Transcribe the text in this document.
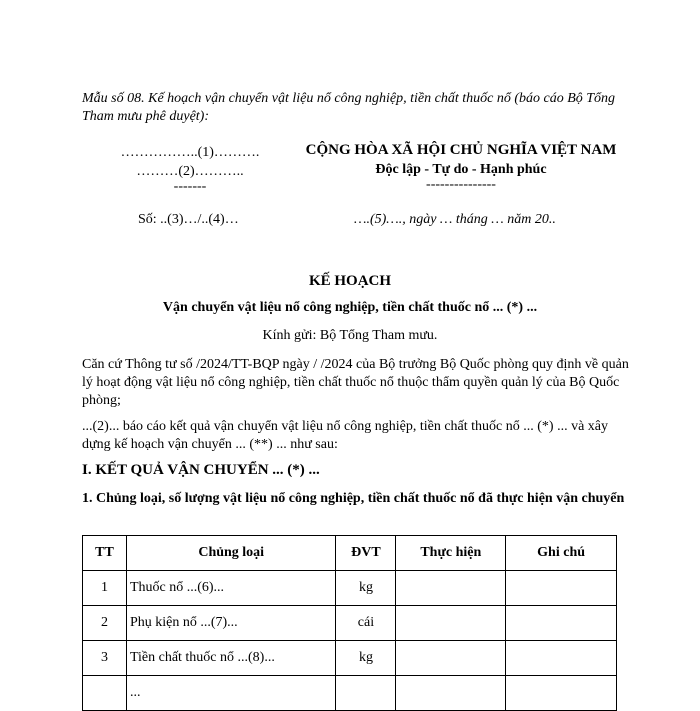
Mẫu số 08. Kế hoạch vận chuyển vật liệu nổ công nghiệp, tiền chất thuốc nổ (báo cáo Bộ Tổng Tham mưu phê duyệt):
……………..(1)……….
………(2)………..
-------
CỘNG HÒA XÃ HỘI CHỦ NGHĨA VIỆT NAM
Độc lập - Tự do - Hạnh phúc
---------------
Số: ..(3)…/..(4)…	….(5)…., ngày … tháng … năm 20..
KẾ HOẠCH
Vận chuyển vật liệu nổ công nghiệp, tiền chất thuốc nổ ... (*) ...
Kính gửi: Bộ Tổng Tham mưu.
Căn cứ Thông tư số /2024/TT-BQP ngày / /2024 của Bộ trưởng Bộ Quốc phòng quy định về quản lý hoạt động vật liệu nổ công nghiệp, tiền chất thuốc nổ thuộc thẩm quyền quản lý của Bộ Quốc phòng;
...(2)... báo cáo kết quả vận chuyển vật liệu nổ công nghiệp, tiền chất thuốc nổ ... (*) ... và xây dựng kế hoạch vận chuyển ... (**) ... như sau:
I. KẾT QUẢ VẬN CHUYỂN ... (*) ...
1. Chủng loại, số lượng vật liệu nổ công nghiệp, tiền chất thuốc nổ đã thực hiện vận chuyển
TT	Chủng loại	ĐVT	Thực hiện	Ghi chú
1	Thuốc nổ ...(6)...	kg		
2	Phụ kiện nổ ...(7)...	cái		
3	Tiền chất thuốc nổ ...(8)...	kg		
	...			
